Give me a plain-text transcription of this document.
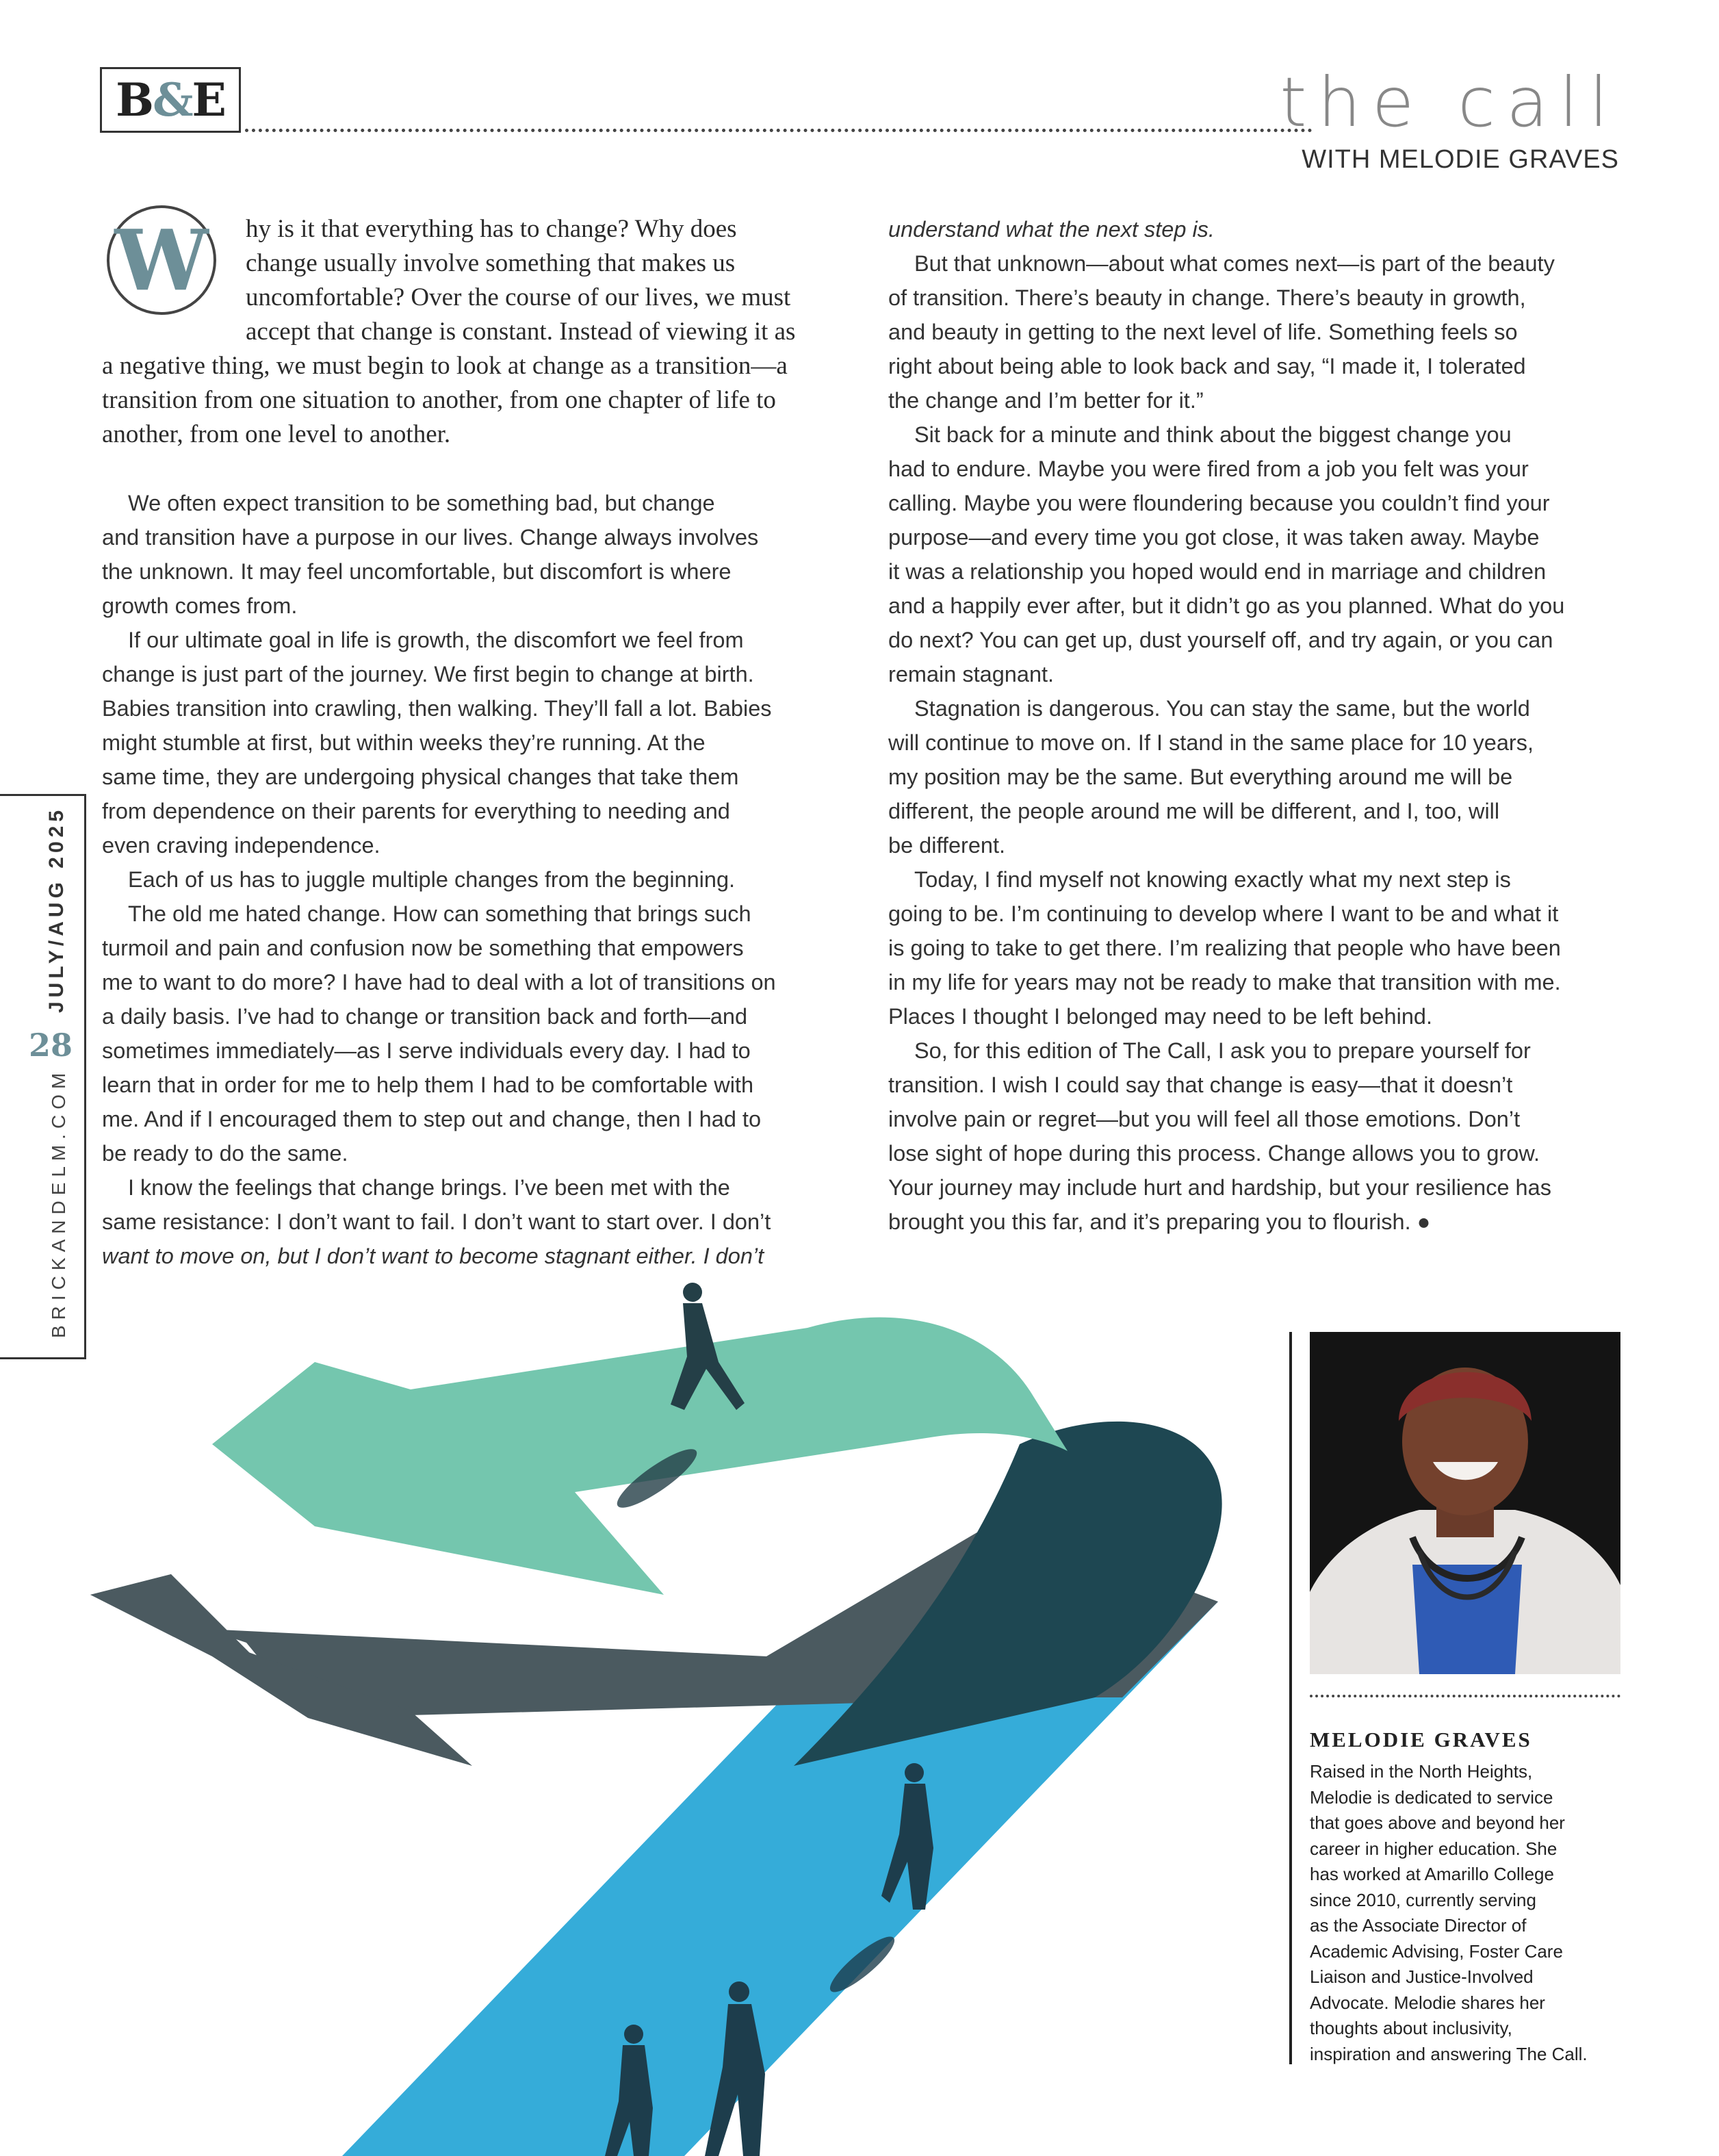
B & E	the call
WITH MELODIE GRAVES
JULY/AUG 2025
28
BRICKANDELM.COM
W	hy is it that everything has to change? Why does
change usually involve something that makes us
uncomfortable? Over the course of our lives, we must
accept that change is constant. Instead of viewing it as
a negative thing, we must begin to look at change as a transition—a
transition from one situation to another, from one chapter of life to
another, from one level to another.
We often expect transition to be something bad, but change
and transition have a purpose in our lives. Change always involves
the unknown. It may feel uncomfortable, but discomfort is where
growth comes from.
If our ultimate goal in life is growth, the discomfort we feel from
change is just part of the journey. We first begin to change at birth.
Babies transition into crawling, then walking. They’ll fall a lot. Babies
might stumble at first, but within weeks they’re running. At the
same time, they are undergoing physical changes that take them
from dependence on their parents for everything to needing and
even craving independence.
Each of us has to juggle multiple changes from the beginning.
The old me hated change. How can something that brings such
turmoil and pain and confusion now be something that empowers
me to want to do more? I have had to deal with a lot of transitions on
a daily basis. I’ve had to change or transition back and forth—and
sometimes immediately—as I serve individuals every day. I had to
learn that in order for me to help them I had to be comfortable with
me. And if I encouraged them to step out and change, then I had to
be ready to do the same.
I know the feelings that change brings. I’ve been met with the
same resistance: I don’t want to fail. I don’t want to start over. I don’t
want to move on, but I don’t want to become stagnant either. I don’t
understand what the next step is.
But that unknown—about what comes next—is part of the beauty
of transition. There’s beauty in change. There’s beauty in growth,
and beauty in getting to the next level of life. Something feels so
right about being able to look back and say, “I made it, I tolerated
the change and I’m better for it.”
Sit back for a minute and think about the biggest change you
had to endure. Maybe you were fired from a job you felt was your
calling. Maybe you were floundering because you couldn’t find your
purpose—and every time you got close, it was taken away. Maybe
it was a relationship you hoped would end in marriage and children
and a happily ever after, but it didn’t go as you planned. What do you
do next? You can get up, dust yourself off, and try again, or you can
remain stagnant.
Stagnation is dangerous. You can stay the same, but the world
will continue to move on. If I stand in the same place for 10 years,
my position may be the same. But everything around me will be
different, the people around me will be different, and I, too, will
be different.
Today, I find myself not knowing exactly what my next step is
going to be. I’m continuing to develop where I want to be and what it
is going to take to get there. I’m realizing that people who have been
in my life for years may not be ready to make that transition with me.
Places I thought I belonged may need to be left behind.
So, for this edition of The Call, I ask you to prepare yourself for
transition. I wish I could say that change is easy—that it doesn’t
involve pain or regret—but you will feel all those emotions. Don’t
lose sight of hope during this process. Change allows you to grow.
Your journey may include hurt and hardship, but your resilience has
brought you this far, and it’s preparing you to flourish. ●
MELODIE GRAVES
Raised in the North Heights,
Melodie is dedicated to service
that goes above and beyond her
career in higher education. She
has worked at Amarillo College
since 2010, currently serving
as the Associate Director of
Academic Advising, Foster Care
Liaison and Justice-Involved
Advocate. Melodie shares her
thoughts about inclusivity,
inspiration and answering The Call.
